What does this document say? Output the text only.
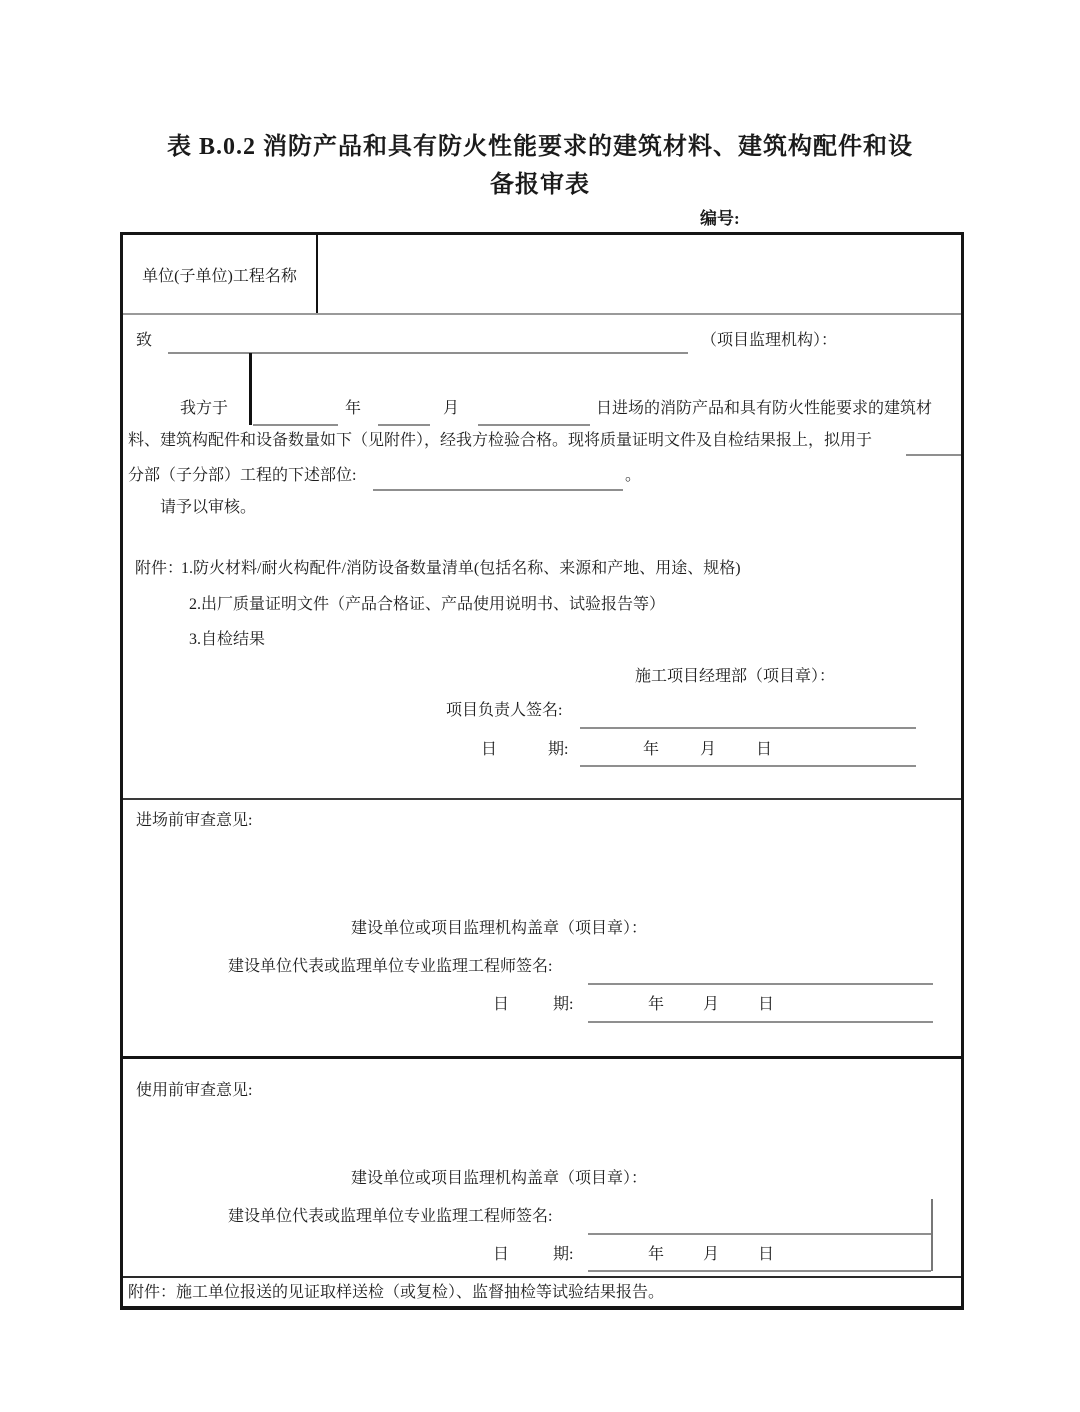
表 B.0.2 消防产品和具有防火性能要求的建筑材料、建筑构配件和设
备报审表
编号:
单位(子单位)工程名称
致	（项目监理机构）：
我方于	年	月	日进场的消防产品和具有防火性能要求的建筑材
料、建筑构配件和设备数量如下（见附件），经我方检验合格。现将质量证明文件及自检结果报上，拟用于
分部（子分部）工程的下述部位:	。
请予以审核。
附件：
1.防火材料/耐火构配件/消防设备数量清单(包括名称、来源和产地、用途、规格)
2.出厂质量证明文件（产品合格证、产品使用说明书、试验报告等）
3.自检结果
施工项目经理部（项目章）：
项目负责人签名:
日	期:	年	月 日
进场前审查意见:
建设单位或项目监理机构盖章（项目章）：
建设单位代表或监理单位专业监理工程师签名:
日	期:	年 月 日
使用前审查意见:
建设单位或项目监理机构盖章（项目章）：
建设单位代表或监理单位专业监理工程师签名:
日	期:	年 月 日
附件：施工单位报送的见证取样送检（或复检）、监督抽检等试验结果报告。
